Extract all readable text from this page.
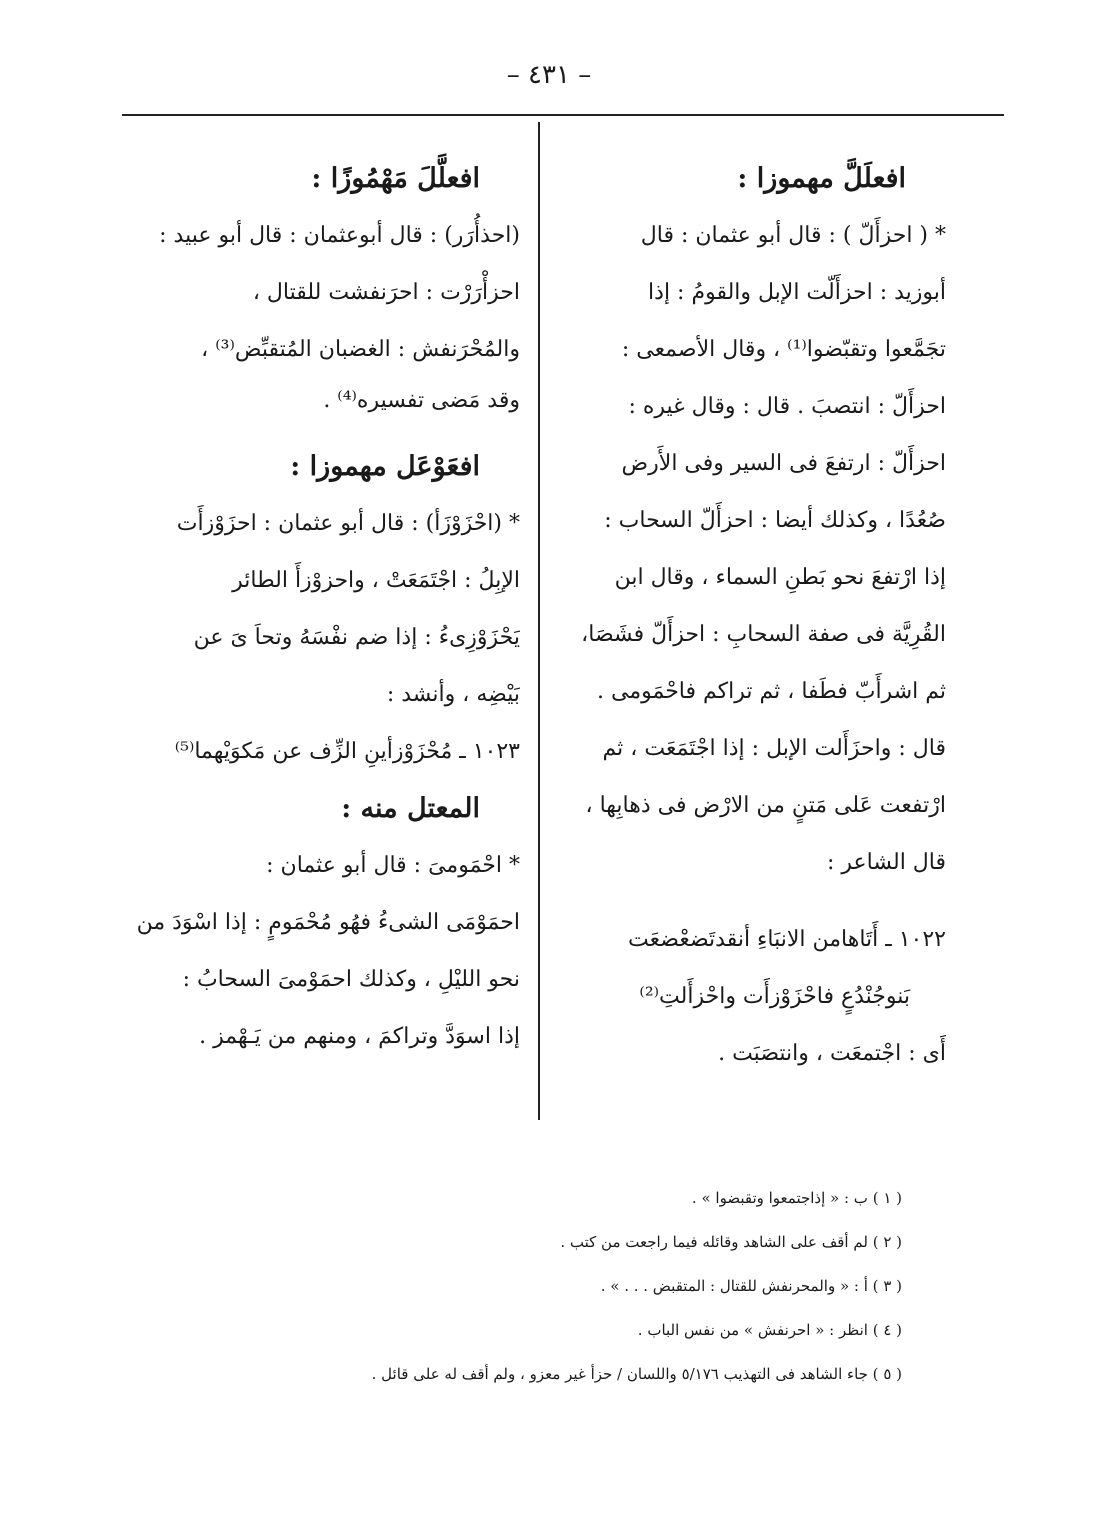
– ٤٣١ –
افعلَلَّ مهموزا :
* ( احزأَلّ ) : قال أبو عثمان : قال
أبوزيد : احزأَلّت الإبل والقومُ : إذا
تجَمَّعوا وتقبّضوا⁽¹⁾ ، وقال الأصمعى :
احزأَلّ : انتصبَ . قال : وقال غيره :
احزأَلّ : ارتفعَ فى السير وفى الأَرض
صُعُدًا ، وكذلك أيضا : احزأَلّ السحاب :
إذا ارْتفعَ نحو بَطنِ السماء ، وقال ابن
القُرِيَّة فى صفة السحابِ : احزأَلّ فشَصَا،
ثم اشرأَبّ فطَفا ، ثم تراكم فاحْمَومى .
قال : واحزَأَلت الإبل : إذا اجْتَمَعَت ، ثم
ارْتفعت عَلى مَتنٍ من الارْض فى ذهابِها ،
قال الشاعر :
١٠٢٢ ـ أَتَاهامن الانبَاءِ أنقدتَضعْضعَت
بَنوجُنْدُعٍ فاحْزَوْزأَت واحْزأَلتِ⁽²⁾
أَى : اجْتمعَت ، وانتصَبَت .
افعلَّلَ مَهْمُوزًا :
(احذأُرَر) : قال أبوعثمان : قال أبو عبيد :
احزأْرَرْت : احرَنفشت للقتال ،
والمُحْرَنفش : الغضبان المُتقبِّض⁽³⁾ ،
وقد مَضى تفسيره⁽⁴⁾ .
افعَوْعَل مهموزا :
* (احْزَوْزَأ) : قال أبو عثمان : احزَوْزأَت
الإبِلُ : اجْتَمَعَتْ ، واحزوْزأَ الطائر
يَحْزَوْزِىءُ : إذا ضم نفْسَهُ وتحاَ ىَ عن
بَيْضِه ، وأنشد :
١٠٢٣ ـ مُحْزَوْزأينِ الزِّف عن مَكوَيْهما⁽⁵⁾
المعتل منه :
* احْمَومىَ : قال أبو عثمان :
احمَوْمَى الشىءُ فهُو مُحْمَومٍ : إذا اسْوَدَ من
نحو الليْلِ ، وكذلك احمَوْمىَ السحابُ :
إذا اسوَدَّ وتراكمَ ، ومنهم من يَـهْمز .
( ١ ) ب : « إذاجتمعوا وتقبضوا » .
( ٢ ) لم أقف على الشاهد وقائله فيما راجعت من كتب .
( ٣ ) أ : « والمحرنفش للقتال : المتقبض . . . » .
( ٤ ) انظر : « احرنفش » من نفس الباب .
( ٥ ) جاء الشاهد فى التهذيب ٥/١٧٦ واللسان / حزأ غير معزو ، ولم أقف له على قائل .
